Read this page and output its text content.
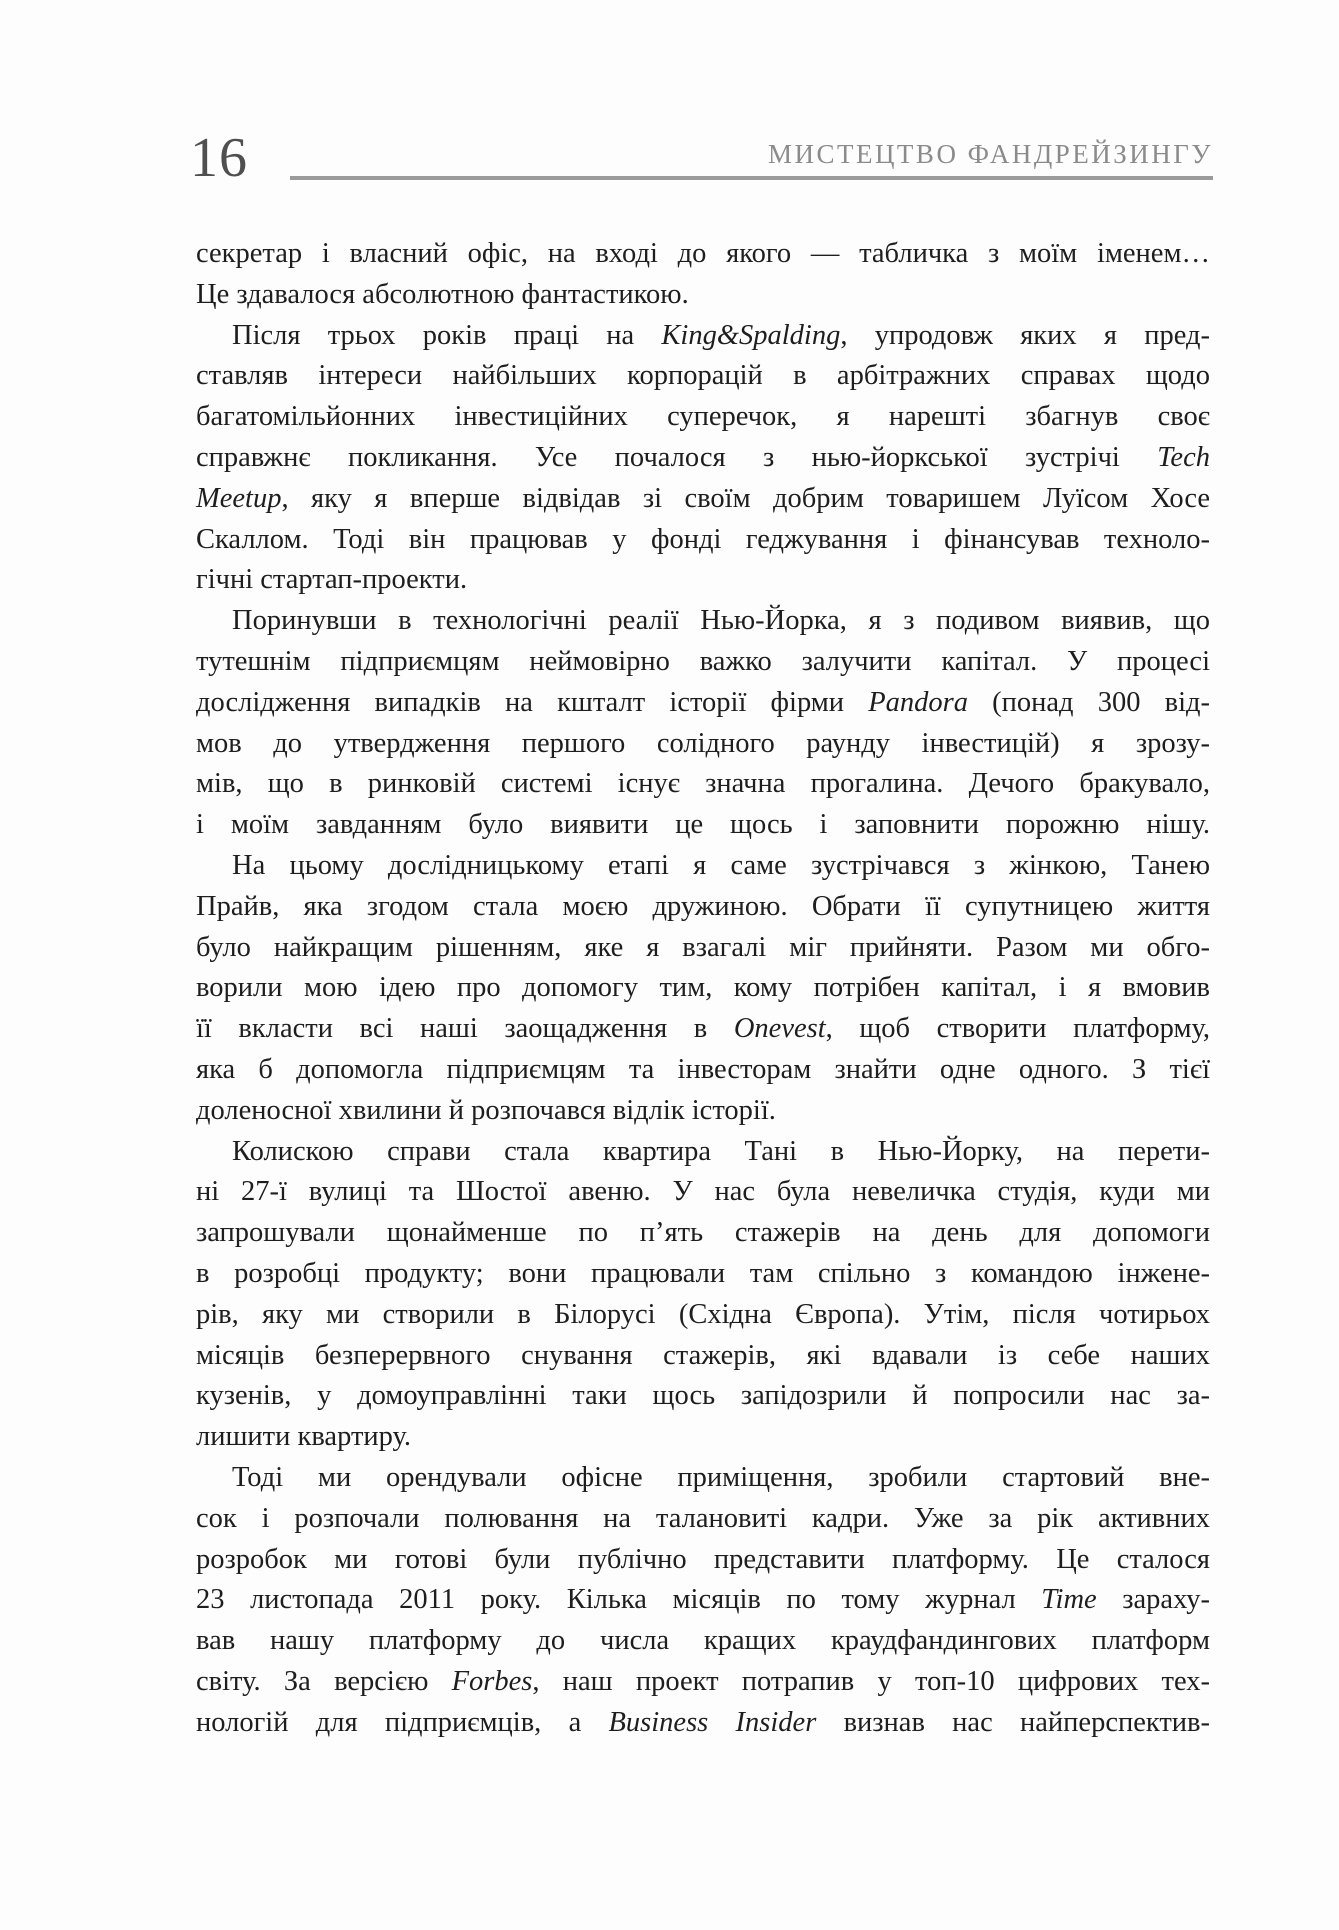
16	МИСТЕЦТВО ФАНДРЕЙЗИНГУ
секретар і власний офіс, на вході до якого — табличка з моїм іменем…
Це здавалося абсолютною фантастикою.
Після трьох років праці на King&Spalding, упродовж яких я пред-
ставляв інтереси найбільших корпорацій в арбітражних справах щодо
багатомільйонних інвестиційних суперечок, я нарешті збагнув своє
справжнє покликання. Усе почалося з нью-йоркської зустрічі Tech
Meetup, яку я вперше відвідав зі своїм добрим товаришем Луїсом Хосе
Скаллом. Тоді він працював у фонді геджування і фінансував техноло-
гічні стартап-проекти.
Поринувши в технологічні реалії Нью-Йорка, я з подивом виявив, що
тутешнім підприємцям неймовірно важко залучити капітал. У процесі
дослідження випадків на кшталт історії фірми Pandora (понад 300 від-
мов до утвердження першого солідного раунду інвестицій) я зрозу-
мів, що в ринковій системі існує значна прогалина. Дечого бракувало,
і моїм завданням було виявити це щось і заповнити порожню нішу.
На цьому дослідницькому етапі я саме зустрічався з жінкою, Танею
Прайв, яка згодом стала моєю дружиною. Обрати її супутницею життя
було найкращим рішенням, яке я взагалі міг прийняти. Разом ми обго-
ворили мою ідею про допомогу тим, кому потрібен капітал, і я вмовив
її вкласти всі наші заощадження в Onevest, щоб створити платформу,
яка б допомогла підприємцям та інвесторам знайти одне одного. З тієї
доленосної хвилини й розпочався відлік історії.
Колискою справи стала квартира Тані в Нью-Йорку, на перети-
ні 27-ї вулиці та Шостої авеню. У нас була невеличка студія, куди ми
запрошували щонайменше по п’ять стажерів на день для допомоги
в розробці продукту; вони працювали там спільно з командою інжене-
рів, яку ми створили в Білорусі (Східна Європа). Утім, після чотирьох
місяців безперервного снування стажерів, які вдавали із себе наших
кузенів, у домоуправлінні таки щось запідозрили й попросили нас за-
лишити квартиру.
Тоді ми орендували офісне приміщення, зробили стартовий вне-
сок і розпочали полювання на талановиті кадри. Уже за рік активних
розробок ми готові були публічно представити платформу. Це сталося
23 листопада 2011 року. Кілька місяців по тому журнал Time зараху-
вав нашу платформу до числа кращих краудфандингових платформ
світу. За версією Forbes, наш проект потрапив у топ-10 цифрових тех-
нологій для підприємців, а Business Insider визнав нас найперспектив-
